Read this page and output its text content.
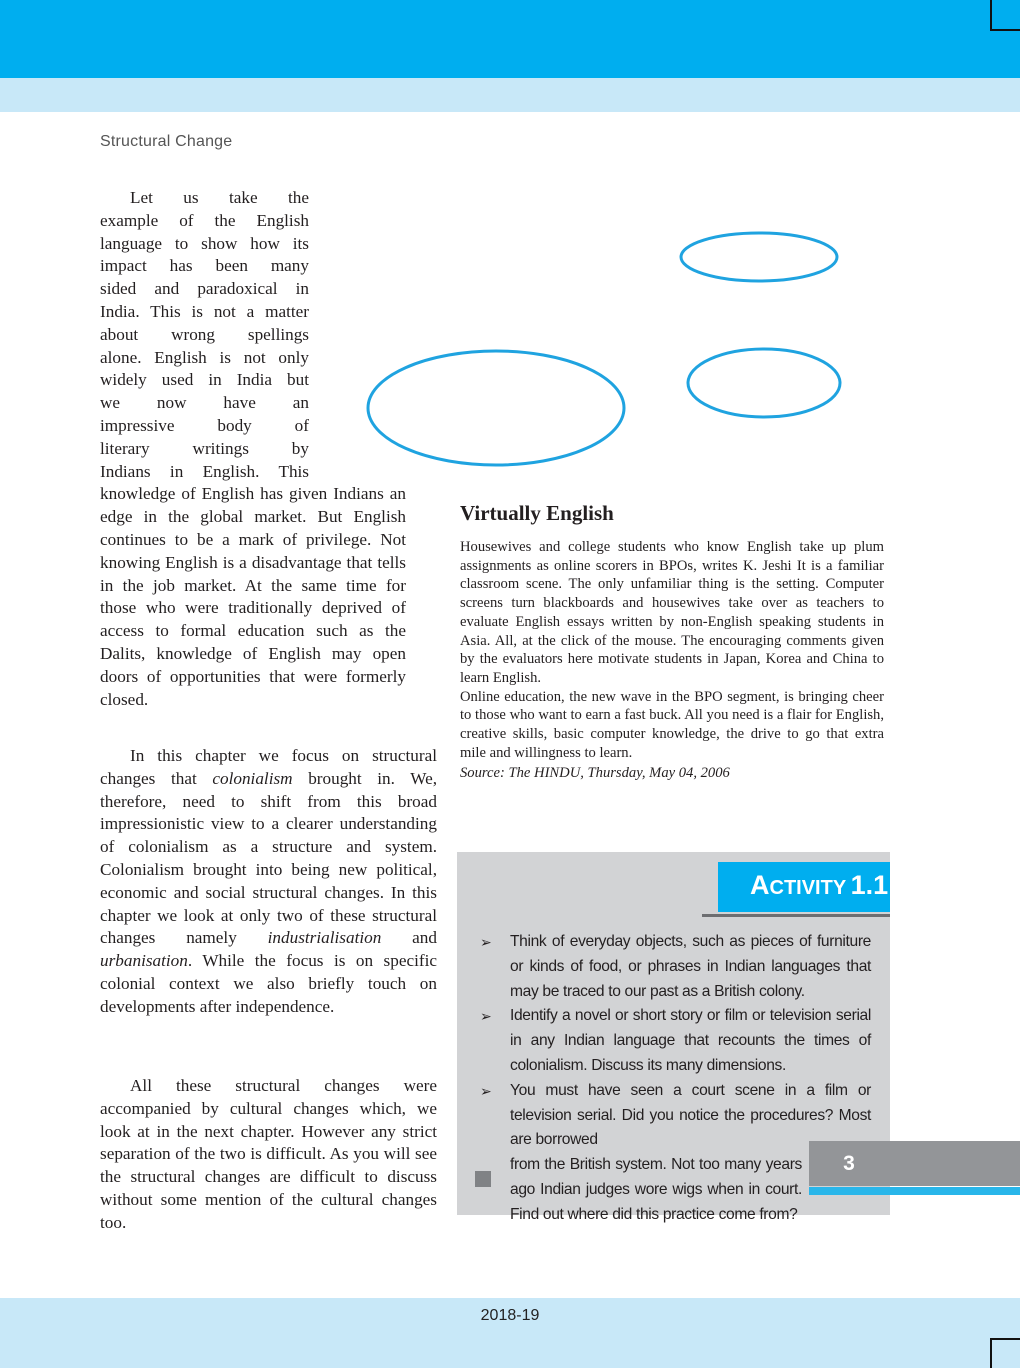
Structural Change
Let us take the
example of the English
language to show how its
impact has been many
sided and paradoxical in
India. This is not a matter
about wrong spellings
alone. English is not only
widely used in India but
we now have an
impressive body of
literary writings by
Indians in English. This
knowledge of English has given Indians an edge in the global market. But English continues to be a mark of privilege. Not knowing English is a disadvantage that tells in the job market. At the same time for those who were traditionally deprived of access to formal education such as the Dalits, knowledge of English may open doors of opportunities that were formerly closed.

In this chapter we focus on structural changes that colonialism brought in. We, therefore, need to shift from this broad impressionistic view to a clearer understanding of colonialism as a structure and system. Colonialism brought into being new political, economic and social structural changes. In this chapter we look at only two of these structural changes namely industrialisation and urbanisation. While the focus is on specific colonial context we also briefly touch on developments after independence.

All these structural changes were accompanied by cultural changes which, we look at in the next chapter. However any strict separation of the two is difficult. As you will see the structural changes are difficult to discuss without some mention of the cultural changes too.

Virtually English

Housewives and college students who know English take up plum assignments as online scorers in BPOs, writes K. Jeshi It is a familiar classroom scene. The only unfamiliar thing is the setting. Computer screens turn blackboards and housewives take over as teachers to evaluate English essays written by non-English speaking students in Asia. All, at the click of the mouse. The encouraging comments given by the evaluators here motivate students in Japan, Korea and China to learn English.

Online education, the new wave in the BPO segment, is bringing cheer to those who want to earn a fast buck. All you need is a flair for English, creative skills, basic computer knowledge, the drive to go that extra mile and willingness to learn.

Source: The HINDU, Thursday, May 04, 2006

ACTIVITY 1.1
➢ Think of everyday objects, such as pieces of furniture or kinds of food, or phrases in Indian languages that may be traced to our past as a British colony.
➢ Identify a novel or short story or film or television serial in any Indian language that recounts the times of colonialism. Discuss its many dimensions.
➢ You must have seen a court scene in a film or television serial. Did you notice the procedures? Most are borrowed
from the British system. Not too many years
ago Indian judges wore wigs when in court.
Find out where did this practice come from?
3
2018-19
